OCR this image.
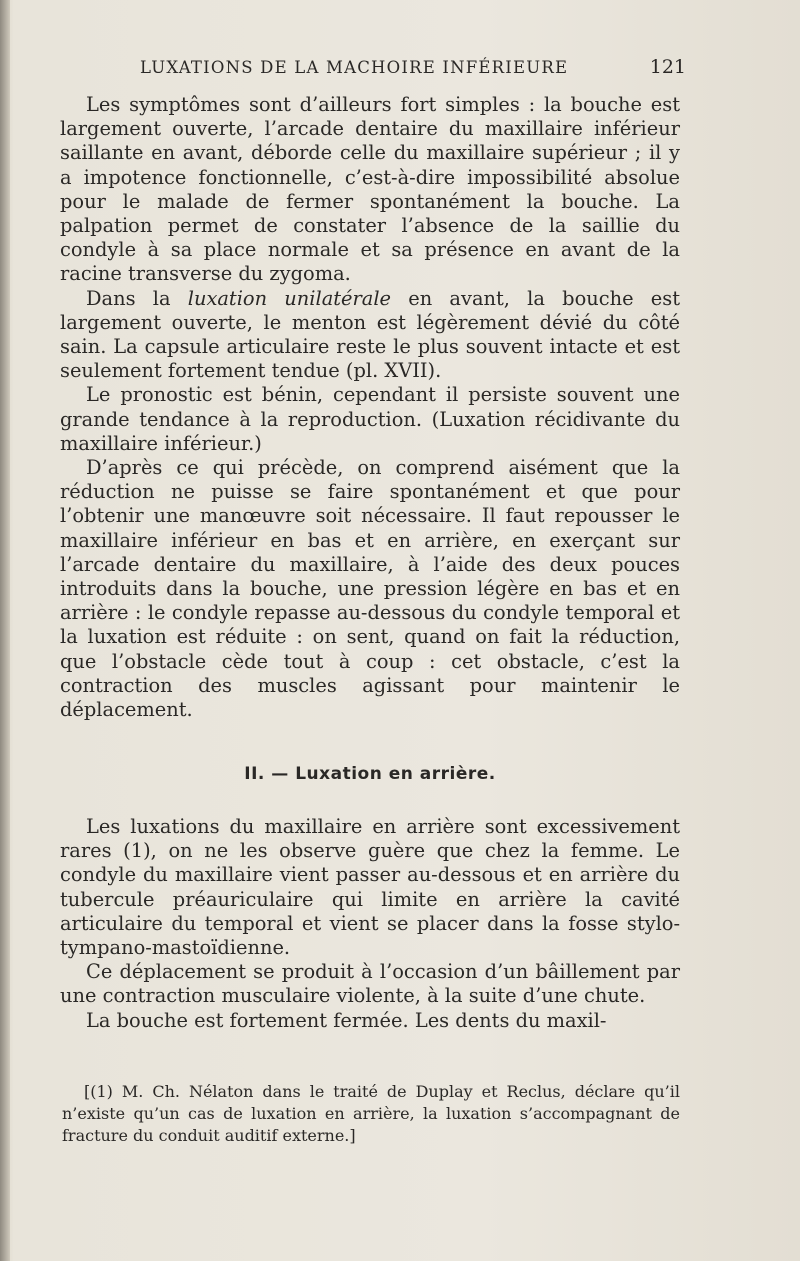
LUXATIONS DE LA MACHOIRE INFÉRIEURE	121

Les symptômes sont d’ailleurs fort simples : la bouche est largement ouverte, l’arcade dentaire du maxillaire inférieur saillante en avant, déborde celle du maxillaire supérieur ; il y a impotence fonctionnelle, c’est-à-dire impossibilité absolue pour le malade de fermer spontanément la bouche. La palpation permet de constater l’absence de la saillie du condyle à sa place normale et sa présence en avant de la racine transverse du zygoma.

Dans la luxation unilatérale en avant, la bouche est largement ouverte, le menton est légèrement dévié du côté sain. La capsule articulaire reste le plus souvent intacte et est seulement fortement tendue (pl. XVII).

Le pronostic est bénin, cependant il persiste souvent une grande tendance à la reproduction. (Luxation récidivante du maxillaire inférieur.)

D’après ce qui précède, on comprend aisément que la réduction ne puisse se faire spontanément et que pour l’obtenir une manœuvre soit nécessaire. Il faut repousser le maxillaire inférieur en bas et en arrière, en exerçant sur l’arcade dentaire du maxillaire, à l’aide des deux pouces introduits dans la bouche, une pression légère en bas et en arrière : le condyle repasse au-dessous du condyle temporal et la luxation est réduite : on sent, quand on fait la réduction, que l’obstacle cède tout à coup : cet obstacle, c’est la contraction des muscles agissant pour maintenir le déplacement.

II. — Luxation en arrière.

Les luxations du maxillaire en arrière sont excessivement rares (1), on ne les observe guère que chez la femme. Le condyle du maxillaire vient passer au-dessous et en arrière du tubercule préauriculaire qui limite en arrière la cavité articulaire du temporal et vient se placer dans la fosse stylo-tympano-mastoïdienne.

Ce déplacement se produit à l’occasion d’un bâillement par une contraction musculaire violente, à la suite d’une chute.

La bouche est fortement fermée. Les dents du maxil-

[(1) M. Ch. Nélaton dans le traité de Duplay et Reclus, déclare qu’il n’existe qu’un cas de luxation en arrière, la luxation s’accompagnant de fracture du conduit auditif externe.]
